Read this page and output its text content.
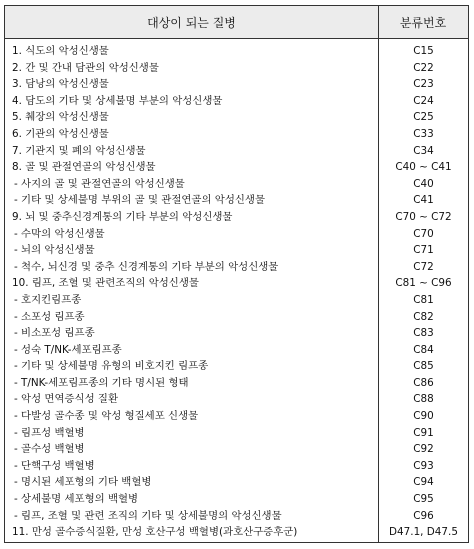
대상이 되는 질병	분류번호
1. 식도의 악성신생물	C15
2. 간 및 간내 담관의 악성신생물	C22
3. 담낭의 악성신생물	C23
4. 담도의 기타 및 상세불명 부분의 악성신생물	C24
5. 췌장의 악성신생물	C25
6. 기관의 악성신생물	C33
7. 기관지 및 폐의 악성신생물	C34
8. 골 및 관절연골의 악성신생물	C40 ~ C41
- 사지의 골 및 관절연골의 악성신생물	C40
- 기타 및 상세불명 부위의 골 및 관절연골의 악성신생물	C41
9. 뇌 및 중추신경계통의 기타 부분의 악성신생물	C70 ~ C72
- 수막의 악성신생물	C70
- 뇌의 악성신생물	C71
- 척수, 뇌신경 및 중추 신경계통의 기타 부분의 악성신생물	C72
10. 림프, 조혈 및 관련조직의 악성신생물	C81 ~ C96
- 호지킨림프종	C81
- 소포성 림프종	C82
- 비소포성 림프종	C83
- 성숙 T/NK-세포림프종	C84
- 기타 및 상세불명 유형의 비호지킨 림프종	C85
- T/NK-세포림프종의 기타 명시된 형태	C86
- 악성 면역증식성 질환	C88
- 다발성 골수종 및 악성 형질세포 신생물	C90
- 림프성 백혈병	C91
- 골수성 백혈병	C92
- 단핵구성 백혈병	C93
- 명시된 세포형의 기타 백혈병	C94
- 상세불명 세포형의 백혈병	C95
- 림프, 조혈 및 관련 조직의 기타 및 상세불명의 악성신생물	C96
11. 만성 골수증식질환, 만성 호산구성 백혈병(과호산구증후군)	D47.1, D47.5
